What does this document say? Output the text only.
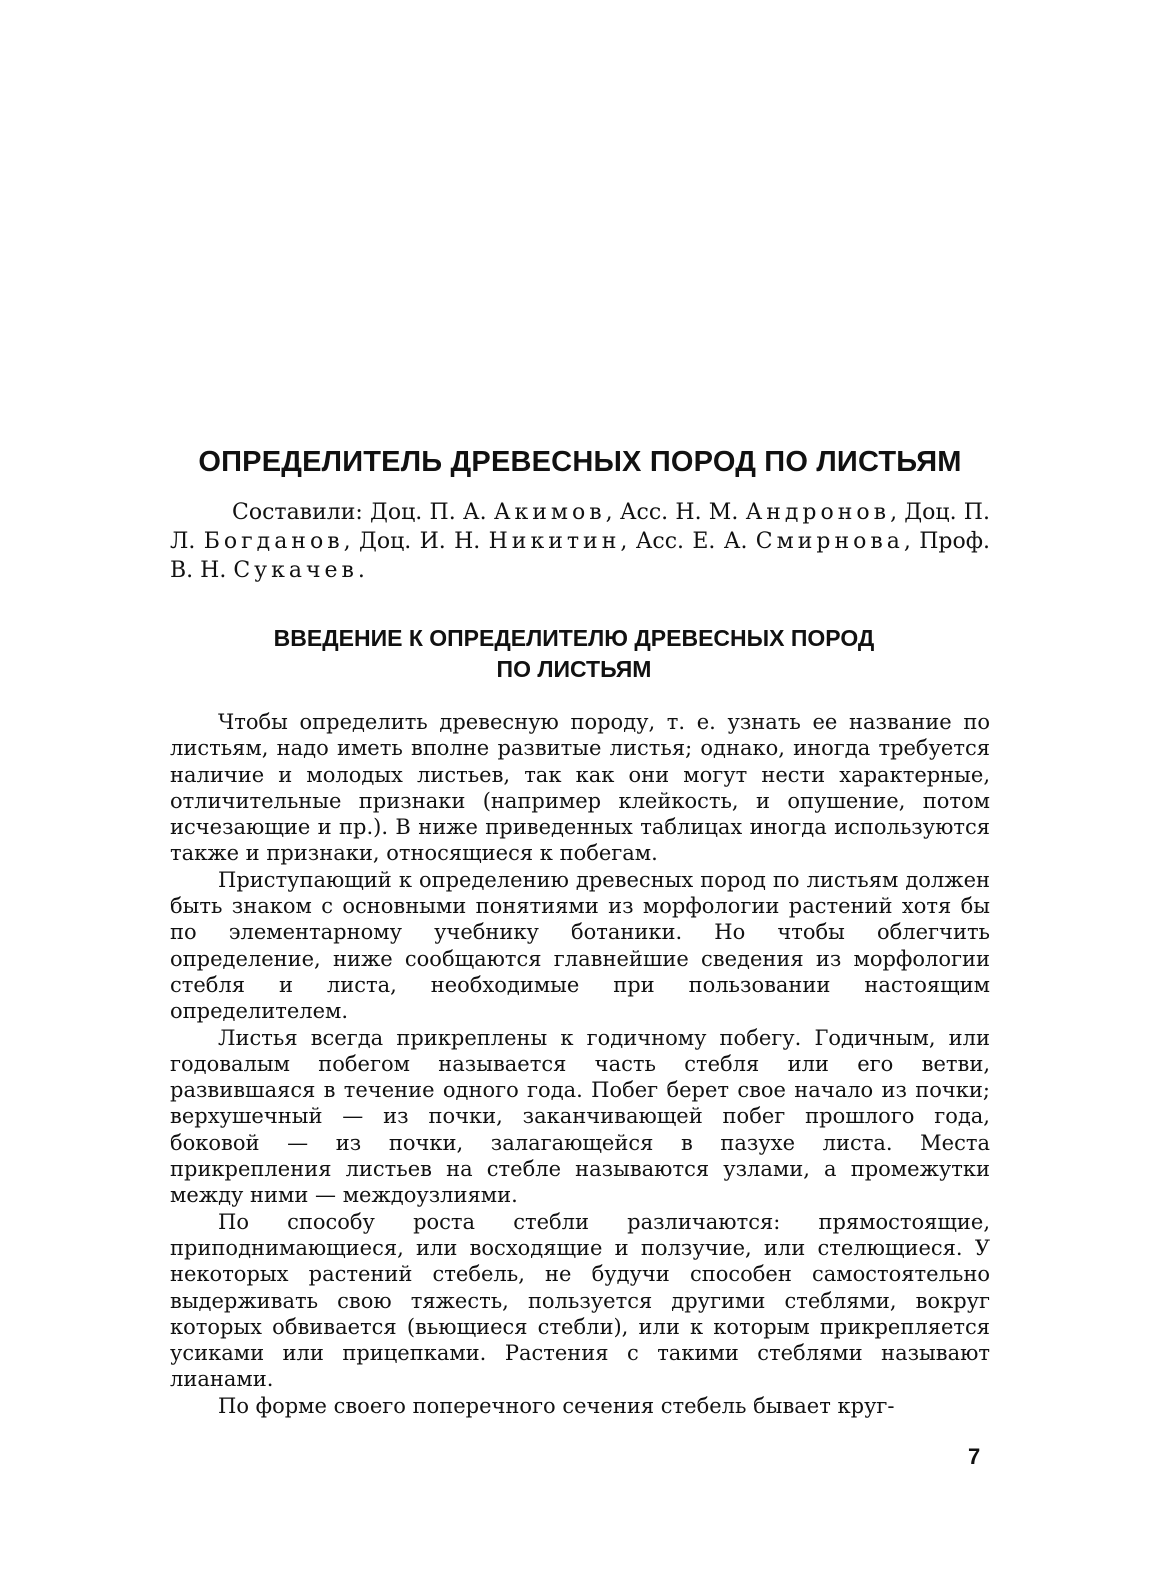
ОПРЕДЕЛИТЕЛЬ ДРЕВЕСНЫХ ПОРОД ПО ЛИСТЬЯМ

Составили: Доц. П. А. Акимов, Асс. Н. М. Андронов, Доц. П. Л. Богданов, Доц. И. Н. Никитин, Асс. Е. А. Смирнова, Проф. В. Н. Сукачев.

ВВЕДЕНИЕ К ОПРЕДЕЛИТЕЛЮ ДРЕВЕСНЫХ ПОРОД
ПО ЛИСТЬЯМ

Чтобы определить древесную породу, т. е. узнать ее название по листьям, надо иметь вполне развитые листья; однако, иногда требуется наличие и молодых листьев, так как они могут нести характерные, отличительные признаки (например клейкость, и опушение, потом исчезающие и пр.). В ниже приведенных таблицах иногда используются также и признаки, относящиеся к побегам.

Приступающий к определению древесных пород по листьям должен быть знаком с основными понятиями из морфологии растений хотя бы по элементарному учебнику ботаники. Но чтобы облегчить определение, ниже сообщаются главнейшие сведения из морфологии стебля и листа, необходимые при пользовании настоящим определителем.

Листья всегда прикреплены к годичному побегу. Годичным, или годовалым побегом называется часть стебля или его ветви, развившаяся в течение одного года. Побег берет свое начало из почки; верхушечный — из почки, заканчивающей побег прошлого года, боковой — из почки, залагающейся в пазухе листа. Места прикрепления листьев на стебле называются узлами, а промежутки между ними — междоузлиями.

По способу роста стебли различаются: прямостоящие, приподнимающиеся, или восходящие и ползучие, или стелющиеся. У некоторых растений стебель, не будучи способен самостоятельно выдерживать свою тяжесть, пользуется другими стеблями, вокруг которых обвивается (вьющиеся стебли), или к которым прикрепляется усиками или прицепками. Растения с такими стеблями называют лианами.

По форме своего поперечного сечения стебель бывает круг-

7
